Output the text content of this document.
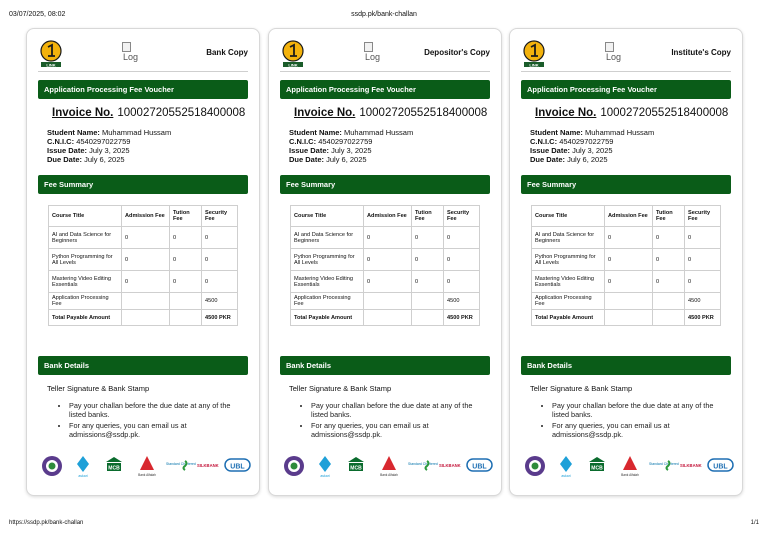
03/07/2025, 08:02	ssdp.pk/bank-challan
LINK
Log	Bank Copy
Application Processing Fee Voucher
Invoice No. 10002720552518400008
Student Name: Muhammad Hussam
C.N.I.C: 4540297022759
Issue Date: July 3, 2025
Due Date: July 6, 2025
Fee Summary
Course Title	Admission Fee	Tution Fee	Security Fee
AI and Data Science for Beginners	0	0	0
Python Programming for All Levels	0	0	0
Mastering Video Editing Essentials	0	0	0
Application Processing Fee			4500
Total Payable Amount			4500 PKR
Bank Details
Teller Signature & Bank Stamp
• Pay your challan before the due date at any of the listed banks.
• For any queries, you can email us at admissions@ssdp.pk.
askari
MCB
Bank Alfalah
Standard Chartered SILKBANK UBL
LINK
Log	Depositor's Copy
Application Processing Fee Voucher
Invoice No. 10002720552518400008
Student Name: Muhammad Hussam
C.N.I.C: 4540297022759
Issue Date: July 3, 2025
Due Date: July 6, 2025
Fee Summary
Course Title	Admission Fee	Tution Fee	Security Fee
AI and Data Science for Beginners	0	0	0
Python Programming for All Levels	0	0	0
Mastering Video Editing Essentials	0	0	0
Application Processing Fee			4500
Total Payable Amount			4500 PKR
Bank Details
Teller Signature & Bank Stamp
• Pay your challan before the due date at any of the listed banks.
• For any queries, you can email us at admissions@ssdp.pk.
askari
MCB
Bank Alfalah
Standard Chartered SILKBANK UBL
LINK
Log	Institute's Copy
Application Processing Fee Voucher
Invoice No. 10002720552518400008
Student Name: Muhammad Hussam
C.N.I.C: 4540297022759
Issue Date: July 3, 2025
Due Date: July 6, 2025
Fee Summary
Course Title	Admission Fee	Tution Fee	Security Fee
AI and Data Science for Beginners	0	0	0
Python Programming for All Levels	0	0	0
Mastering Video Editing Essentials	0	0	0
Application Processing Fee			4500
Total Payable Amount			4500 PKR
Bank Details
Teller Signature & Bank Stamp
• Pay your challan before the due date at any of the listed banks.
• For any queries, you can email us at admissions@ssdp.pk.
askari
MCB
Bank Alfalah
Standard Chartered SILKBANK UBL
https://ssdp.pk/bank-challan	1/1
